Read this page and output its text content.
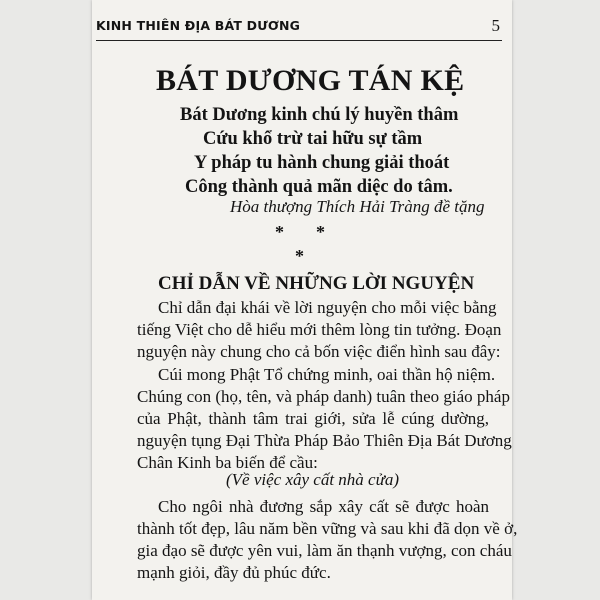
KINH THIÊN ĐỊA BÁT DƯƠNG	5
BÁT DƯƠNG TÁN KỆ
Bát Dương kinh chú lý huyền thâm
Cứu khổ trừ tai hữu sự tầm
Y pháp tu hành chung giải thoát
Công thành quả mãn diệc do tâm.
Hòa thượng Thích Hải Tràng đề tặng
* *
*
CHỈ DẪN VỀ NHỮNG LỜI NGUYỆN
Chỉ dẫn đại khái về lời nguyện cho mỗi việc bằng
tiếng Việt cho dễ hiểu mới thêm lòng tin tưởng. Đoạn
nguyện này chung cho cả bốn việc điển hình sau đây:
Cúi mong Phật Tổ chứng minh, oai thần hộ niệm.
Chúng con (họ, tên, và pháp danh) tuân theo giáo pháp
của Phật, thành tâm trai giới, sửa lễ cúng dường,
nguyện tụng Đại Thừa Pháp Bảo Thiên Địa Bát Dương
Chân Kinh ba biến để cầu:
(Về việc xây cất nhà cửa)
Cho ngôi nhà đương sắp xây cất sẽ được hoàn
thành tốt đẹp, lâu năm bền vững và sau khi đã dọn về ở,
gia đạo sẽ được yên vui, làm ăn thạnh vượng, con cháu
mạnh giỏi, đầy đủ phúc đức.
